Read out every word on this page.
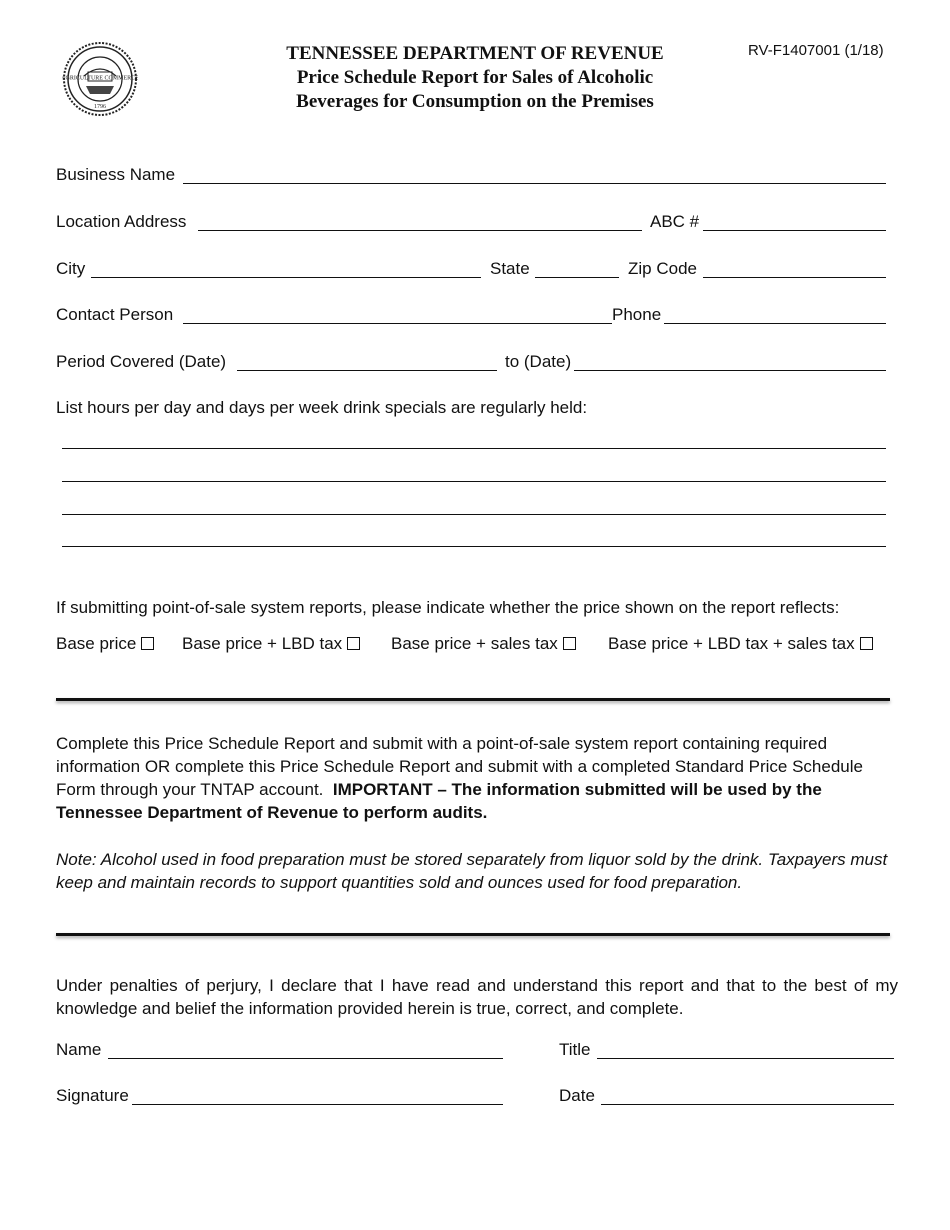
AGRICULTURE COMMERCE
1796
TENNESSEE DEPARTMENT OF REVENUE
Price Schedule Report for Sales of Alcoholic
Beverages for Consumption on the Premises
RV-F1407001 (1/18)
Business Name
Location Address	ABC #
City	State	Zip Code
Contact Person	Phone
Period Covered (Date)	to (Date)
List hours per day and days per week drink specials are regularly held:
If submitting point-of-sale system reports, please indicate whether the price shown on the report reflects:
Base price	Base price + LBD tax	Base price + sales tax	Base price + LBD tax + sales tax
Complete this Price Schedule Report and submit with a point-of-sale system report containing required information OR complete this Price Schedule Report and submit with a completed Standard Price Schedule Form through your TNTAP account. IMPORTANT – The information submitted will be used by the Tennessee Department of Revenue to perform audits.
Note: Alcohol used in food preparation must be stored separately from liquor sold by the drink. Taxpayers must keep and maintain records to support quantities sold and ounces used for food preparation.
Under penalties of perjury, I declare that I have read and understand this report and that to the best of my knowledge and belief the information provided herein is true, correct, and complete.
Name	Title
Signature	Date
